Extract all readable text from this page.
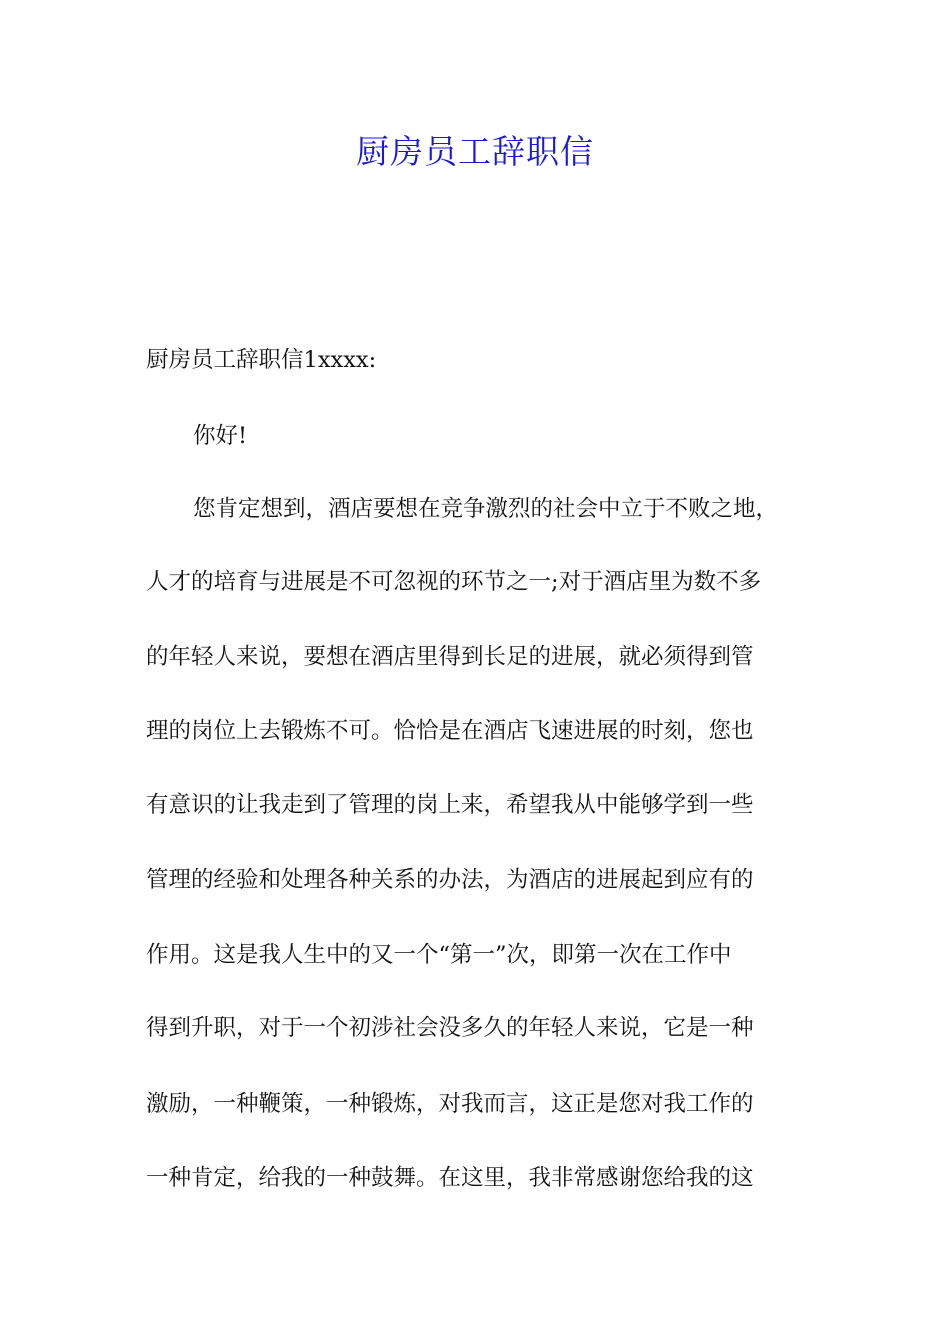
厨房员工辞职信

厨房员工辞职信1xxxx:

你好!

您肯定想到，酒店要想在竞争激烈的社会中立于不败之地，

人才的培育与进展是不可忽视的环节之一;对于酒店里为数不多

的年轻人来说，要想在酒店里得到长足的进展，就必须得到管

理的岗位上去锻炼不可。恰恰是在酒店飞速进展的时刻，您也

有意识的让我走到了管理的岗上来，希望我从中能够学到一些

管理的经验和处理各种关系的办法，为酒店的进展起到应有的

作用。这是我人生中的又一个“第一”次，即第一次在工作中

得到升职，对于一个初涉社会没多久的年轻人来说，它是一种

激励，一种鞭策，一种锻炼，对我而言，这正是您对我工作的

一种肯定，给我的一种鼓舞。在这里，我非常感谢您给我的这
